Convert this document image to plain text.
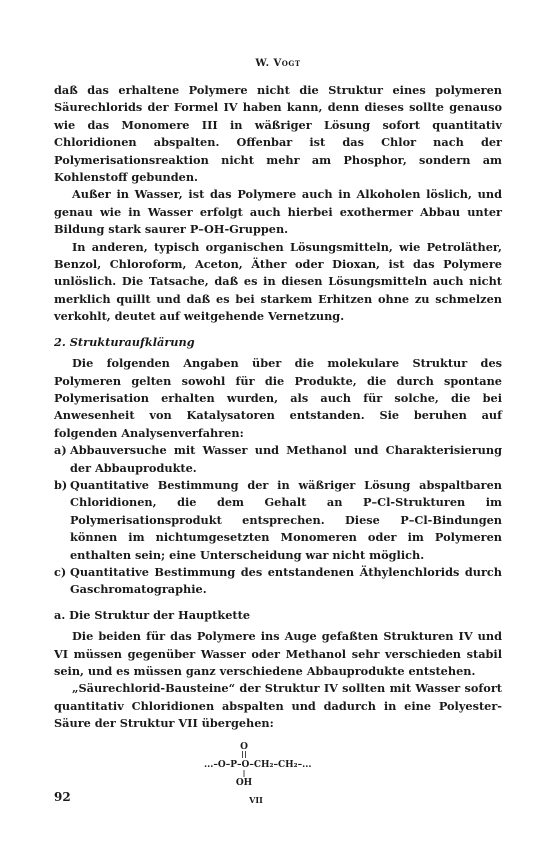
W. Vogt

daß das erhaltene Polymere nicht die Struktur eines polymeren Säurechlorids der Formel IV haben kann, denn dieses sollte genauso wie das Monomere III in wäßriger Lösung sofort quantitativ Chloridionen abspalten. Offenbar ist das Chlor nach der Polymerisationsreaktion nicht mehr am Phosphor, sondern am Kohlenstoff gebunden.

Außer in Wasser, ist das Polymere auch in Alkoholen löslich, und genau wie in Wasser erfolgt auch hierbei exothermer Abbau unter Bildung stark saurer P–OH-Gruppen.

In anderen, typisch organischen Lösungsmitteln, wie Petroläther, Benzol, Chloroform, Aceton, Äther oder Dioxan, ist das Polymere unlöslich. Die Tatsache, daß es in diesen Lösungsmitteln auch nicht merklich quillt und daß es bei starkem Erhitzen ohne zu schmelzen verkohlt, deutet auf weitgehende Vernetzung.

2. Strukturaufklärung

Die folgenden Angaben über die molekulare Struktur des Polymeren gelten sowohl für die Produkte, die durch spontane Polymerisation erhalten wurden, als auch für solche, die bei Anwesenheit von Katalysatoren entstanden. Sie beruhen auf folgenden Analysenverfahren:

a) Abbauversuche mit Wasser und Methanol und Charakterisierung der Abbauprodukte.
b) Quantitative Bestimmung der in wäßriger Lösung abspaltbaren Chloridionen, die dem Gehalt an P–Cl-Strukturen im Polymerisationsprodukt entsprechen. Diese P–Cl-Bindungen können im nichtumgesetzten Monomeren oder im Polymeren enthalten sein; eine Unterscheidung war nicht möglich.
c) Quantitative Bestimmung des entstandenen Äthylenchlorids durch Gaschromatographie.

a. Die Struktur der Hauptkette

Die beiden für das Polymere ins Auge gefaßten Strukturen IV und VI müssen gegenüber Wasser oder Methanol sehr verschieden stabil sein, und es müssen ganz verschiedene Abbauprodukte entstehen.

„Säurechlorid-Bausteine“ der Struktur IV sollten mit Wasser sofort quantitativ Chloridionen abspalten und dadurch in eine Polyester-Säure der Struktur VII übergehen:

O
...–O–P–O–CH₂–CH₂–...
OH
VII
92
